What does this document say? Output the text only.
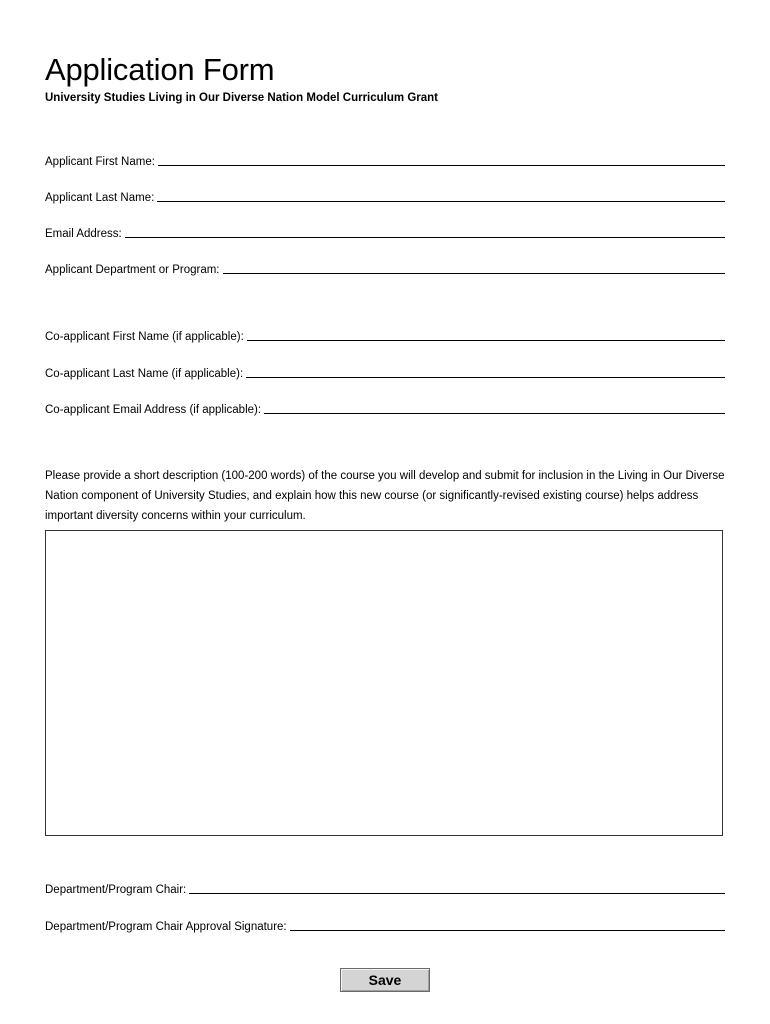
Application Form
University Studies Living in Our Diverse Nation Model Curriculum Grant
Applicant First Name:
Applicant Last Name:
Email Address:
Applicant Department or Program:
Co-applicant First Name (if applicable):
Co-applicant Last Name (if applicable):
Co-applicant Email Address (if applicable):
Please provide a short description (100-200 words) of the course you will develop and submit for inclusion in the Living in Our Diverse Nation component of University Studies, and explain how this new course (or significantly-revised existing course) helps address important diversity concerns within your curriculum.
Department/Program Chair:
Department/Program Chair Approval Signature:
Save
